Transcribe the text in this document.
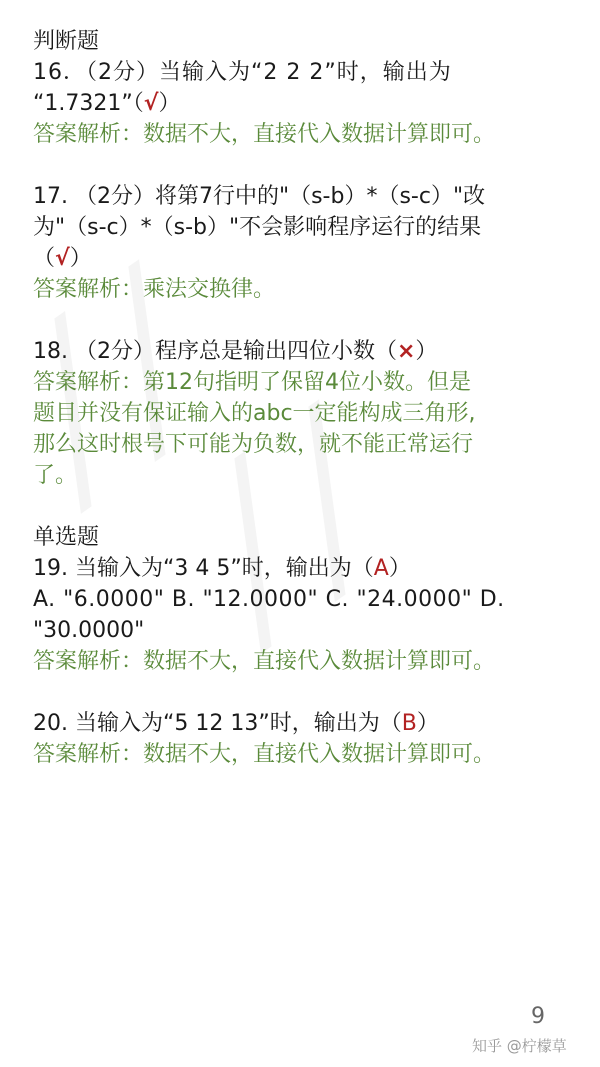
判断题
16．（2分）当输入为“2 2 2”时，输出为
“1.7321”（√）
答案解析：数据不大，直接代入数据计算即可。
17. （2分）将第7行中的"（s-b）*（s-c）"改
为"（s-c）*（s-b）"不会影响程序运行的结果
（√）
答案解析：乘法交换律。
18. （2分）程序总是输出四位小数（×）
答案解析：第12句指明了保留4位小数。但是
题目并没有保证输入的abc一定能构成三角形,
那么这时根号下可能为负数，就不能正常运行
了。
单选题
19. 当输入为“3 4 5”时，输出为（A）
A. "6.0000" B. "12.0000" C. "24.0000" D.
"30.0000"
答案解析：数据不大，直接代入数据计算即可。
20. 当输入为“5 12 13”时，输出为（B）
答案解析：数据不大，直接代入数据计算即可。
9
知乎 @柠檬草
